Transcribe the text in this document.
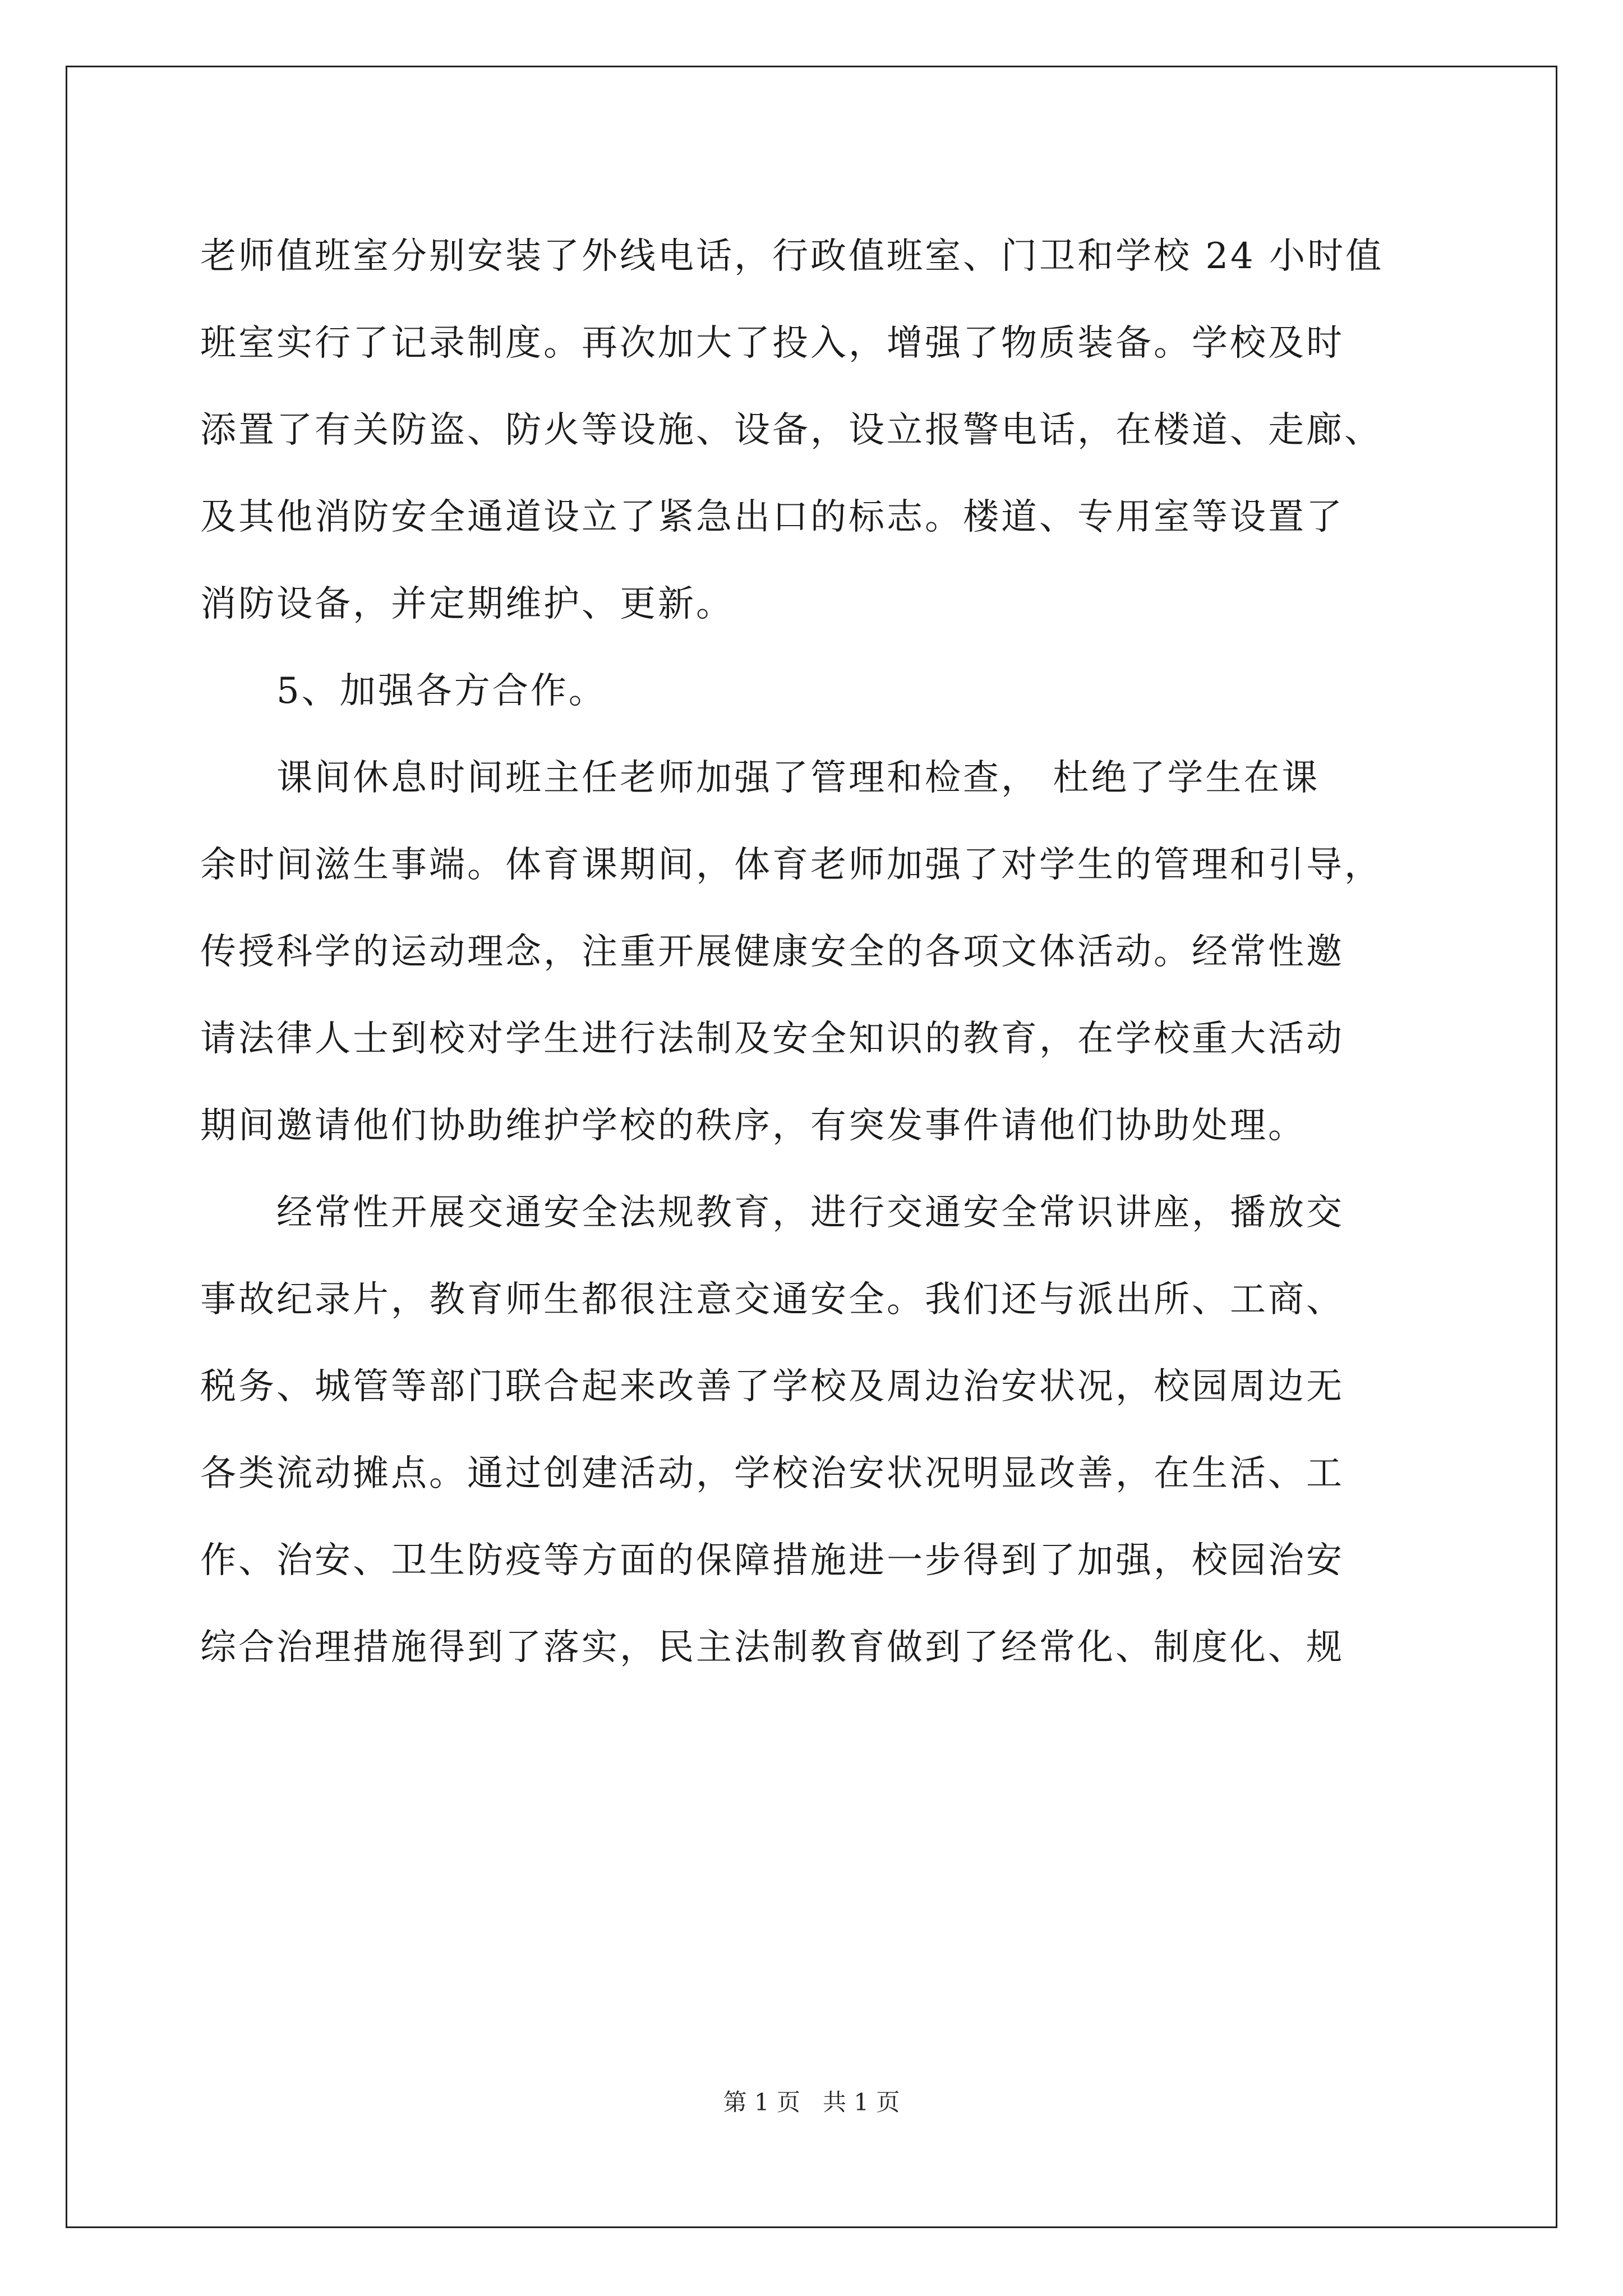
老师值班室分别安装了外线电话，行政值班室、门卫和学校 24 小时值
班室实行了记录制度。再次加大了投入，增强了物质装备。学校及时
添置了有关防盗、防火等设施、设备，设立报警电话，在楼道、走廊、
及其他消防安全通道设立了紧急出口的标志。楼道、专用室等设置了
消防设备，并定期维护、更新。
　　5、加强各方合作。
　　课间休息时间班主任老师加强了管理和检查， 杜绝了学生在课
余时间滋生事端。体育课期间，体育老师加强了对学生的管理和引导，
传授科学的运动理念，注重开展健康安全的各项文体活动。经常性邀
请法律人士到校对学生进行法制及安全知识的教育，在学校重大活动
期间邀请他们协助维护学校的秩序，有突发事件请他们协助处理。
　　经常性开展交通安全法规教育，进行交通安全常识讲座，播放交
事故纪录片，教育师生都很注意交通安全。我们还与派出所、工商、
税务、城管等部门联合起来改善了学校及周边治安状况，校园周边无
各类流动摊点。通过创建活动，学校治安状况明显改善，在生活、工
作、治安、卫生防疫等方面的保障措施进一步得到了加强，校园治安
综合治理措施得到了落实，民主法制教育做到了经常化、制度化、规
第 1 页 共 1 页
